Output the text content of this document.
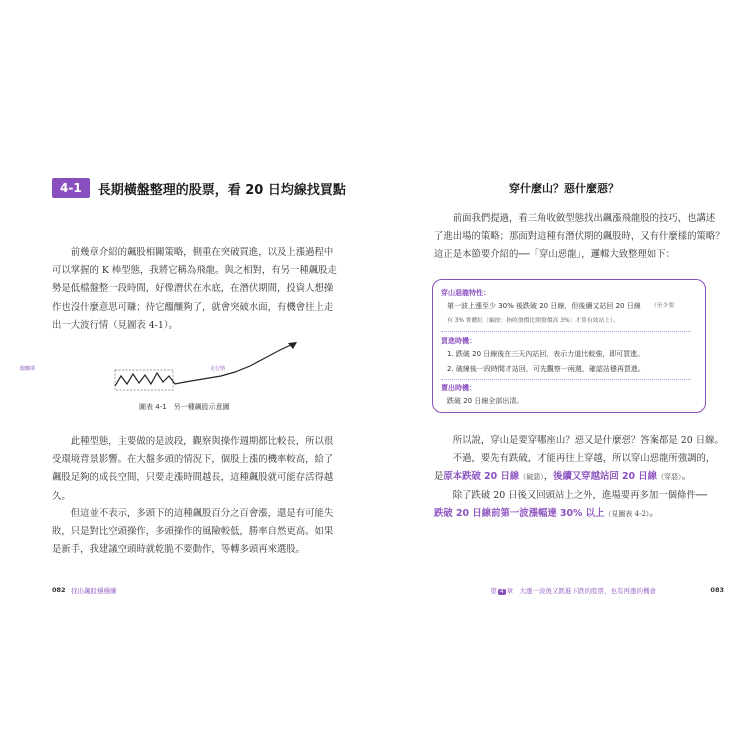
4-1	長期橫盤整理的股票，看 20 日均線找買點
前幾章介紹的飆股相關策略，側重在突破買進，以及上漲過程中
可以掌握的 K 棒型態，我將它稱為飛龍。與之相對，有另一種飆股走
勢是低檔盤整一段時間，好像潛伏在水底，在潛伏期間，投資人想操
作也沒什麼意思可賺；待它醞釀夠了，就會突破水面，有機會往上走
出一大波行情（見圖表 4-1）。
醞釀期	走行情
圖表 4-1　另一種飆股示意圖
此種型態，主要做的是波段，觀察與操作週期都比較長，所以很
受環境背景影響。在大盤多頭的情況下，個股上漲的機率較高，給了
飆股足夠的成長空間，只要走漲時間越長，這種飆股就可能存活得越
久。
但這並不表示，多頭下的這種飆股百分之百會漲，還是有可能失
敗，只是對比空頭操作，多頭操作的風險較低，勝率自然更高。如果
是新手，我建議空頭時就乾脆不要動作，等轉多頭再來選股。
082 找出飆股穩穩賺
穿什麼山？惡什麼惡？
前面我們提過，看三角收斂型態找出飆漲飛龍股的技巧，也講述
了進出場的策略；那面對這種有潛伏期的飆股時，又有什麼樣的策略？
這正是本節要介紹的──「穿山惡龍」，邏輯大致整理如下：
穿山惡龍特性：
第一波上漲至少 30% 後跌破 20 日線，但後續又站回 20 日線 （至少要
有 3% 實體紅〔編按：指收盤價比開盤價高 3%〕才算有效站上）。
買進時機：
1. 跌破 20 日線後在三天內站回，表示力道比較強，即可買進。
2. 破線後一段時間才站回，可先觀察一兩週，確認站穩再買進。
賣出時機：
跌破 20 日線全部出清。
所以說，穿山是要穿哪座山？惡又是什麼惡？答案都是 20 日線。
不過，要先有跌破，才能再往上穿越，所以穿山惡龍所強調的，
是原本跌破 20 日線（破惡），後續又穿越站回 20 日線（穿惡）。
除了跌破 20 日後又回頭站上之外，進場要再多加一個條件──
跌破 20 日線前第一波漲幅達 30% 以上（見圖表 4-2）。
第 4 章　 大漲一波後又跌進下跌的股票，也有再漲的機會	083
